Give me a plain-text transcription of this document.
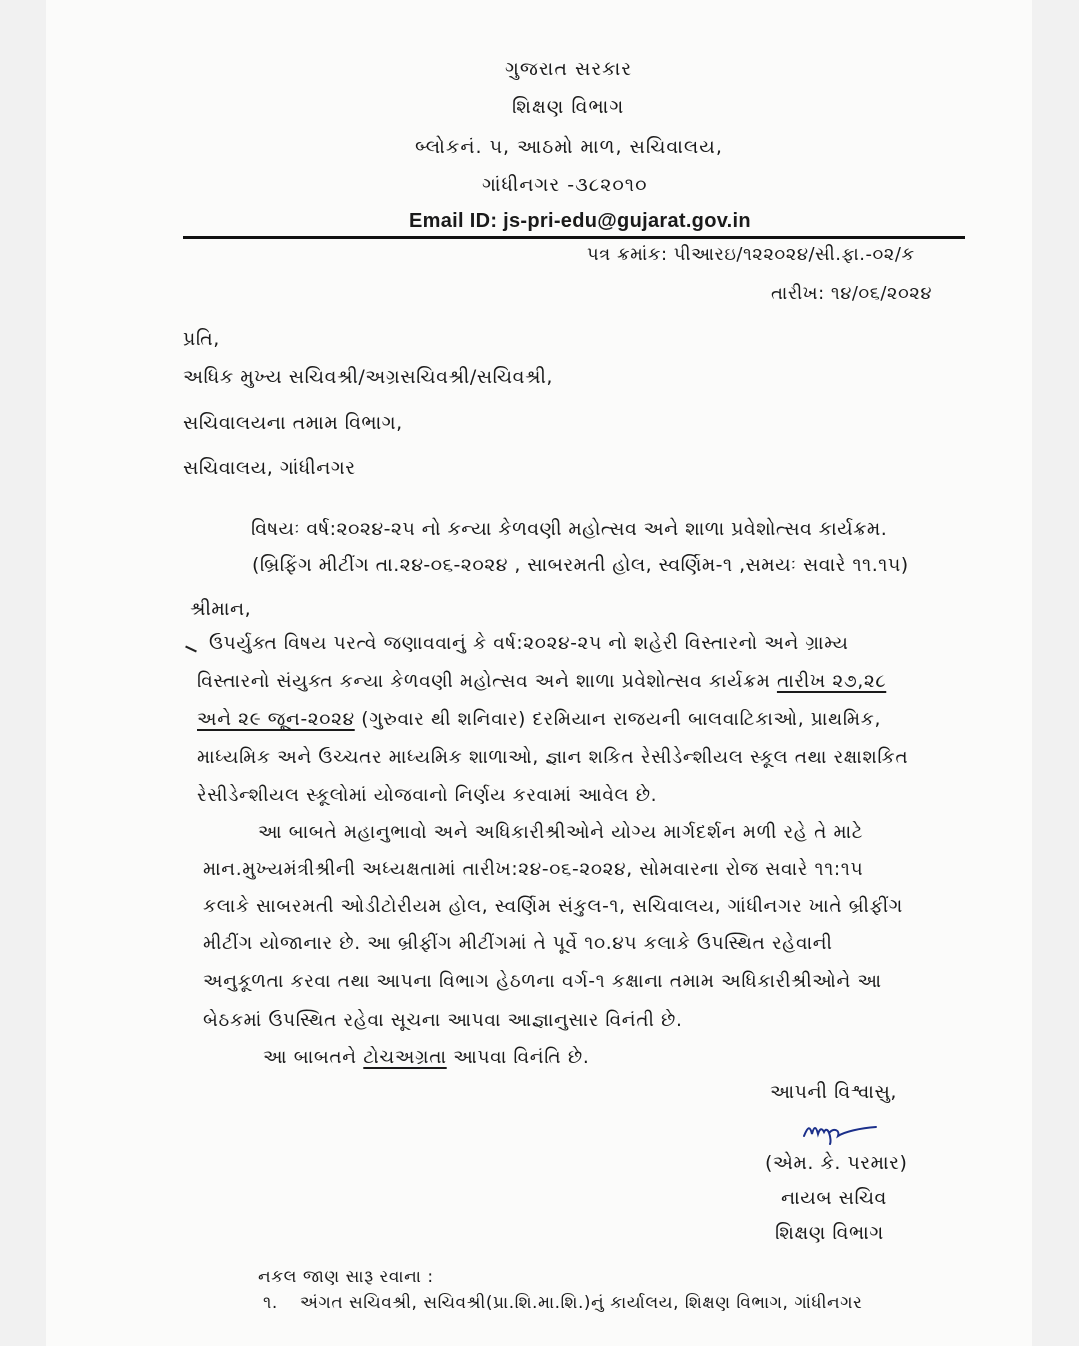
ગુજરાત સરકાર
શિક્ષણ વિભાગ
બ્લોકનં. ૫, આઠમો માળ, સચિવાલય,
ગાંધીનગર -૩૮૨૦૧૦
Email ID: js-pri-edu@gujarat.gov.in
પત્ર ક્રમાંક: પીઆરઇ/૧૨૨૦૨૪/સી.ફા.-૦૨/ક
તારીખ: ૧૪/૦૬/૨૦૨૪
પ્રતિ,
અધિક મુખ્ય સચિવશ્રી/અગ્રસચિવશ્રી/સચિવશ્રી,
સચિવાલયના તમામ વિભાગ,
સચિવાલય, ગાંધીનગર
વિષયઃ વર્ષ:૨૦૨૪-૨૫ નો કન્યા કેળવણી મહોત્સવ અને શાળા પ્રવેશોત્સવ કાર્યક્રમ.
(બ્રિફિંગ મીટીંગ તા.૨૪-૦૬-૨૦૨૪ , સાબરમતી હોલ, સ્વર્ણિમ-૧ ,સમયઃ સવારે ૧૧.૧૫)
શ્રીમાન,
ઉપર્યુક્ત વિષય પરત્વે જણાવવાનું કે વર્ષ:૨૦૨૪-૨૫ નો શહેરી વિસ્તારનો અને ગ્રામ્ય
વિસ્તારનો સંયુક્ત કન્યા કેળવણી મહોત્સવ અને શાળા પ્રવેશોત્સવ કાર્યક્રમ તારીખ ૨૭,૨૮
અને ૨૯ જૂન-૨૦૨૪ (ગુરુવાર થી શનિવાર) દરમિયાન રાજયની બાલવાટિકાઓ, પ્રાથમિક,
માધ્યમિક અને ઉચ્ચતર માધ્યમિક શાળાઓ, જ્ઞાન શકિત રેસીડેન્શીયલ સ્કૂલ તથા રક્ષાશકિત
રેસીડેન્શીયલ સ્કૂલોમાં યોજવાનો નિર્ણય કરવામાં આવેલ છે.
આ બાબતે મહાનુભાવો અને અધિકારીશ્રીઓને યોગ્ય માર્ગદર્શન મળી રહે તે માટે
માન.મુખ્યમંત્રીશ્રીની અધ્યક્ષતામાં તારીખ:૨૪-૦૬-૨૦૨૪, સોમવારના રોજ સવારે ૧૧:૧૫
કલાકે સાબરમતી ઓડીટોરીયમ હોલ, સ્વર્ણિમ સંકુલ-૧, સચિવાલય, ગાંધીનગર ખાતે બ્રીફીંગ
મીટીંગ યોજાનાર છે. આ બ્રીફીંગ મીટીંગમાં તે પૂર્વે ૧૦.૪૫ કલાકે ઉપસ્થિત રહેવાની
અનુકૂળતા કરવા તથા આપના વિભાગ હેઠળના વર્ગ-૧ કક્ષાના તમામ અધિકારીશ્રીઓને આ
બેઠકમાં ઉપસ્થિત રહેવા સૂચના આપવા આજ્ઞાનુસાર વિનંતી છે.
આ બાબતને ટોચઅગ્રતા આપવા વિનંતિ છે.
આપની વિશ્વાસુ,
(એમ. કે. પરમાર)
નાયબ સચિવ
શિક્ષણ વિભાગ
નકલ જાણ સારૂ રવાના :
૧. અંગત સચિવશ્રી, સચિવશ્રી(પ્રા.શિ.મા.શિ.)નું કાર્યાલય, શિક્ષણ વિભાગ, ગાંધીનગર
